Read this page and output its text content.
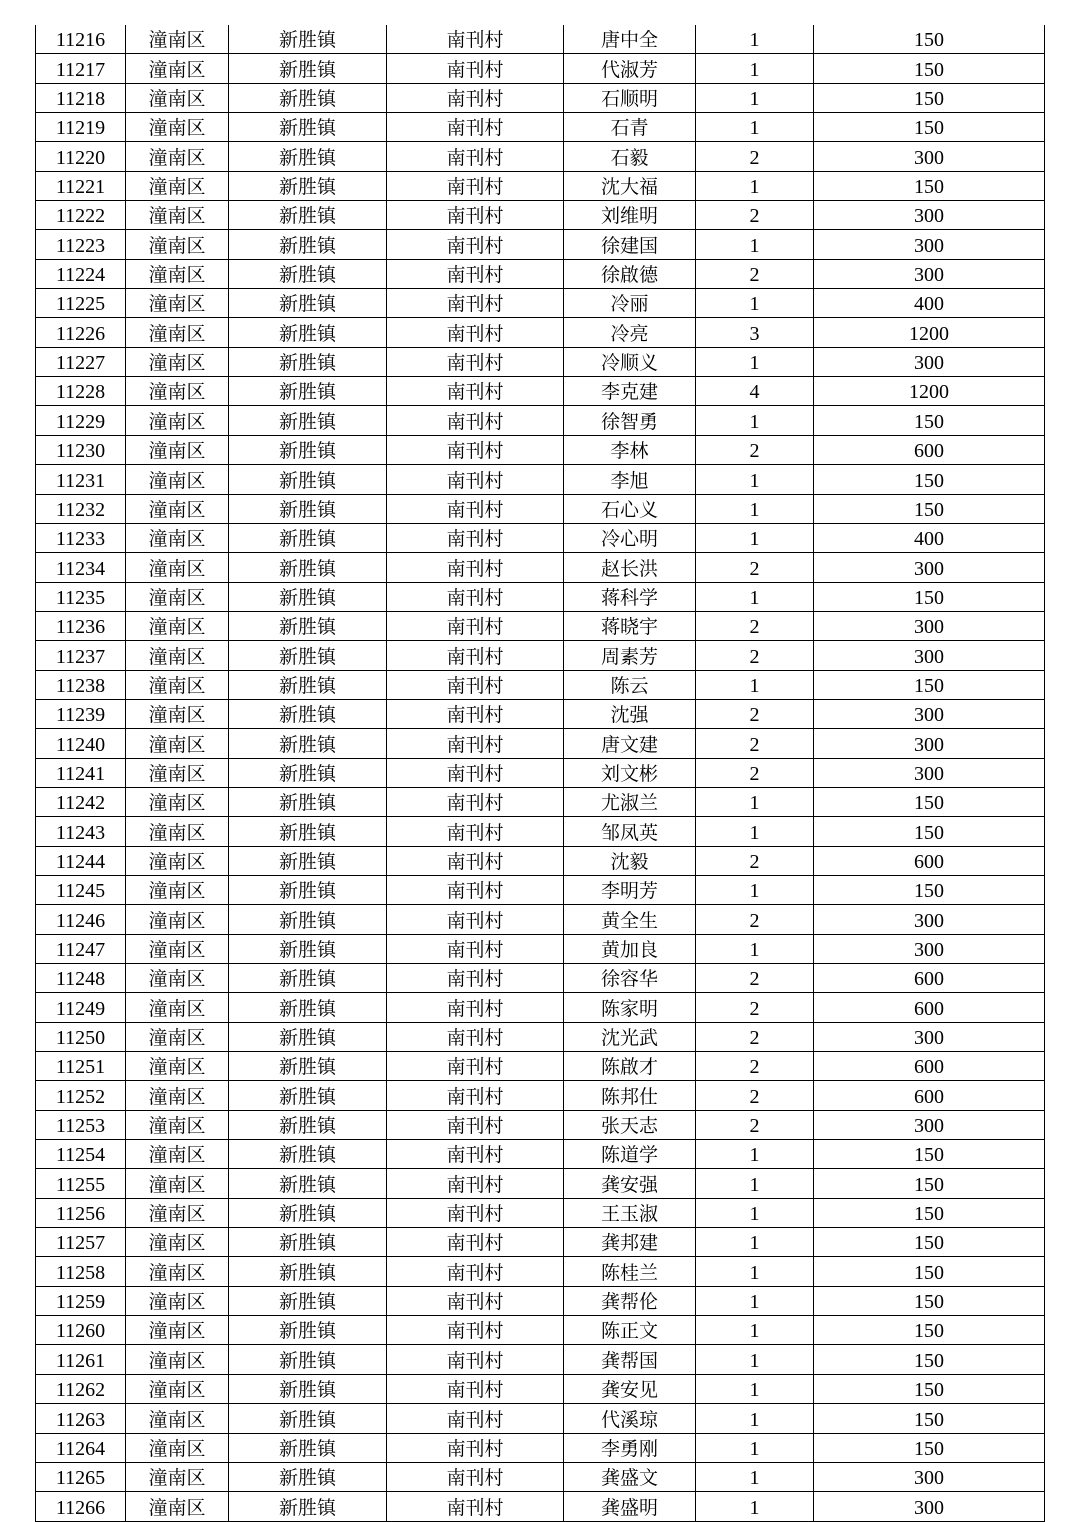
11216	潼南区	新胜镇	南刊村	唐中全	1	150
11217	潼南区	新胜镇	南刊村	代淑芳	1	150
11218	潼南区	新胜镇	南刊村	石顺明	1	150
11219	潼南区	新胜镇	南刊村	石青	1	150
11220	潼南区	新胜镇	南刊村	石毅	2	300
11221	潼南区	新胜镇	南刊村	沈大福	1	150
11222	潼南区	新胜镇	南刊村	刘维明	2	300
11223	潼南区	新胜镇	南刊村	徐建国	1	300
11224	潼南区	新胜镇	南刊村	徐啟德	2	300
11225	潼南区	新胜镇	南刊村	冷丽	1	400
11226	潼南区	新胜镇	南刊村	冷亮	3	1200
11227	潼南区	新胜镇	南刊村	冷顺义	1	300
11228	潼南区	新胜镇	南刊村	李克建	4	1200
11229	潼南区	新胜镇	南刊村	徐智勇	1	150
11230	潼南区	新胜镇	南刊村	李林	2	600
11231	潼南区	新胜镇	南刊村	李旭	1	150
11232	潼南区	新胜镇	南刊村	石心义	1	150
11233	潼南区	新胜镇	南刊村	冷心明	1	400
11234	潼南区	新胜镇	南刊村	赵长洪	2	300
11235	潼南区	新胜镇	南刊村	蒋科学	1	150
11236	潼南区	新胜镇	南刊村	蒋晓宇	2	300
11237	潼南区	新胜镇	南刊村	周素芳	2	300
11238	潼南区	新胜镇	南刊村	陈云	1	150
11239	潼南区	新胜镇	南刊村	沈强	2	300
11240	潼南区	新胜镇	南刊村	唐文建	2	300
11241	潼南区	新胜镇	南刊村	刘文彬	2	300
11242	潼南区	新胜镇	南刊村	尤淑兰	1	150
11243	潼南区	新胜镇	南刊村	邹凤英	1	150
11244	潼南区	新胜镇	南刊村	沈毅	2	600
11245	潼南区	新胜镇	南刊村	李明芳	1	150
11246	潼南区	新胜镇	南刊村	黄全生	2	300
11247	潼南区	新胜镇	南刊村	黄加良	1	300
11248	潼南区	新胜镇	南刊村	徐容华	2	600
11249	潼南区	新胜镇	南刊村	陈家明	2	600
11250	潼南区	新胜镇	南刊村	沈光武	2	300
11251	潼南区	新胜镇	南刊村	陈啟才	2	600
11252	潼南区	新胜镇	南刊村	陈邦仕	2	600
11253	潼南区	新胜镇	南刊村	张天志	2	300
11254	潼南区	新胜镇	南刊村	陈道学	1	150
11255	潼南区	新胜镇	南刊村	龚安强	1	150
11256	潼南区	新胜镇	南刊村	王玉淑	1	150
11257	潼南区	新胜镇	南刊村	龚邦建	1	150
11258	潼南区	新胜镇	南刊村	陈桂兰	1	150
11259	潼南区	新胜镇	南刊村	龚帮伦	1	150
11260	潼南区	新胜镇	南刊村	陈正文	1	150
11261	潼南区	新胜镇	南刊村	龚帮国	1	150
11262	潼南区	新胜镇	南刊村	龚安见	1	150
11263	潼南区	新胜镇	南刊村	代溪琼	1	150
11264	潼南区	新胜镇	南刊村	李勇刚	1	150
11265	潼南区	新胜镇	南刊村	龚盛文	1	300
11266	潼南区	新胜镇	南刊村	龚盛明	1	300
